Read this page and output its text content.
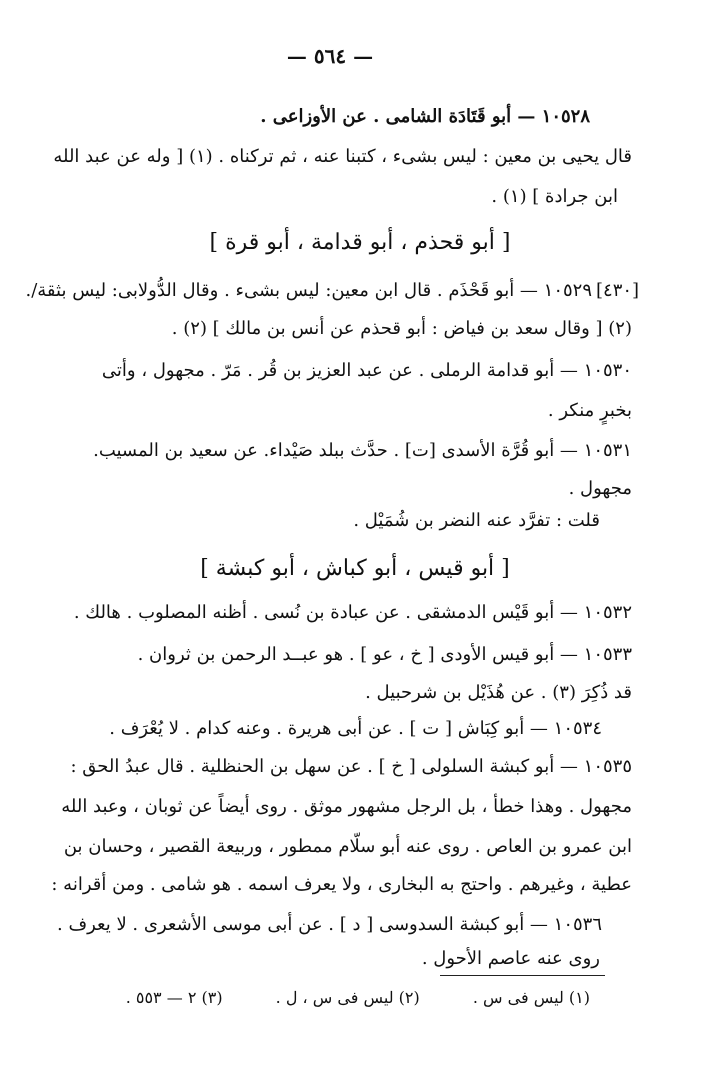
— ٥٦٤ —
١٠٥٢٨ — أبو قَتَادَة الشامى . عن الأوزاعى .
قال يحيى بن معين : ليس بشىء ، كتبنا عنه ، ثم تركناه . (١) [ وله عن عبد الله
ابن جرادة ] (١) .
[ أبو قحذم ، أبو قدامة ، أبو قرة ]
[٤٣٠]
١٠٥٢٩ — أبو قَحْذَم . قال ابن معين: ليس بشىء . وقال الدُّولابى: ليس بثقة/.
(٢) [ وقال سعد بن فياض : أبو قحذم عن أنس بن مالك ] (٢) .
١٠٥٣٠ — أبو قدامة الرملى . عن عبد العزيز بن قُر . مَرّ . مجهول ، وأتى
بخبرٍ منكر .
١٠٥٣١ — أبو قُرَّة الأسدى [ت] . حدَّث ببلد صَيْداء. عن سعيد بن المسيب.
مجهول .
قلت : تفرَّد عنه النضر بن شُمَيْل .
[ أبو قيس ، أبو كباش ، أبو كبشة ]
١٠٥٣٢ — أبو قَيْس الدمشقى . عن عبادة بن نُسى . أظنه المصلوب . هالك .
١٠٥٣٣ — أبو قيس الأودى [ خ ، عو ] . هو عبــد الرحمن بن ثروان .
قد ذُكِرَ (٣) . عن هُذَيْل بن شرحبيل .
١٠٥٣٤ — أبو كِبَاش [ ت ] . عن أبى هريرة . وعنه كدام . لا يُعْرَف .
١٠٥٣٥ — أبو كبشة السلولى [ خ ] . عن سهل بن الحنظلية . قال عبدُ الحق :
مجهول . وهذا خطأ ، بل الرجل مشهور موثق . روى أيضاً عن ثوبان ، وعبد الله
ابن عمرو بن العاص . روى عنه أبو سلّام ممطور ، وربيعة القصير ، وحسان بن
عطية ، وغيرهم . واحتج به البخارى ، ولا يعرف اسمه . هو شامى . ومن أقرانه :
١٠٥٣٦ — أبو كبشة السدوسى [ د ] . عن أبى موسى الأشعرى . لا يعرف .
روى عنه عاصم الأحول .
(١) ليس فى س . (٢) ليس فى س ، ل . (٣) ٢ — ٥٥٣ .
